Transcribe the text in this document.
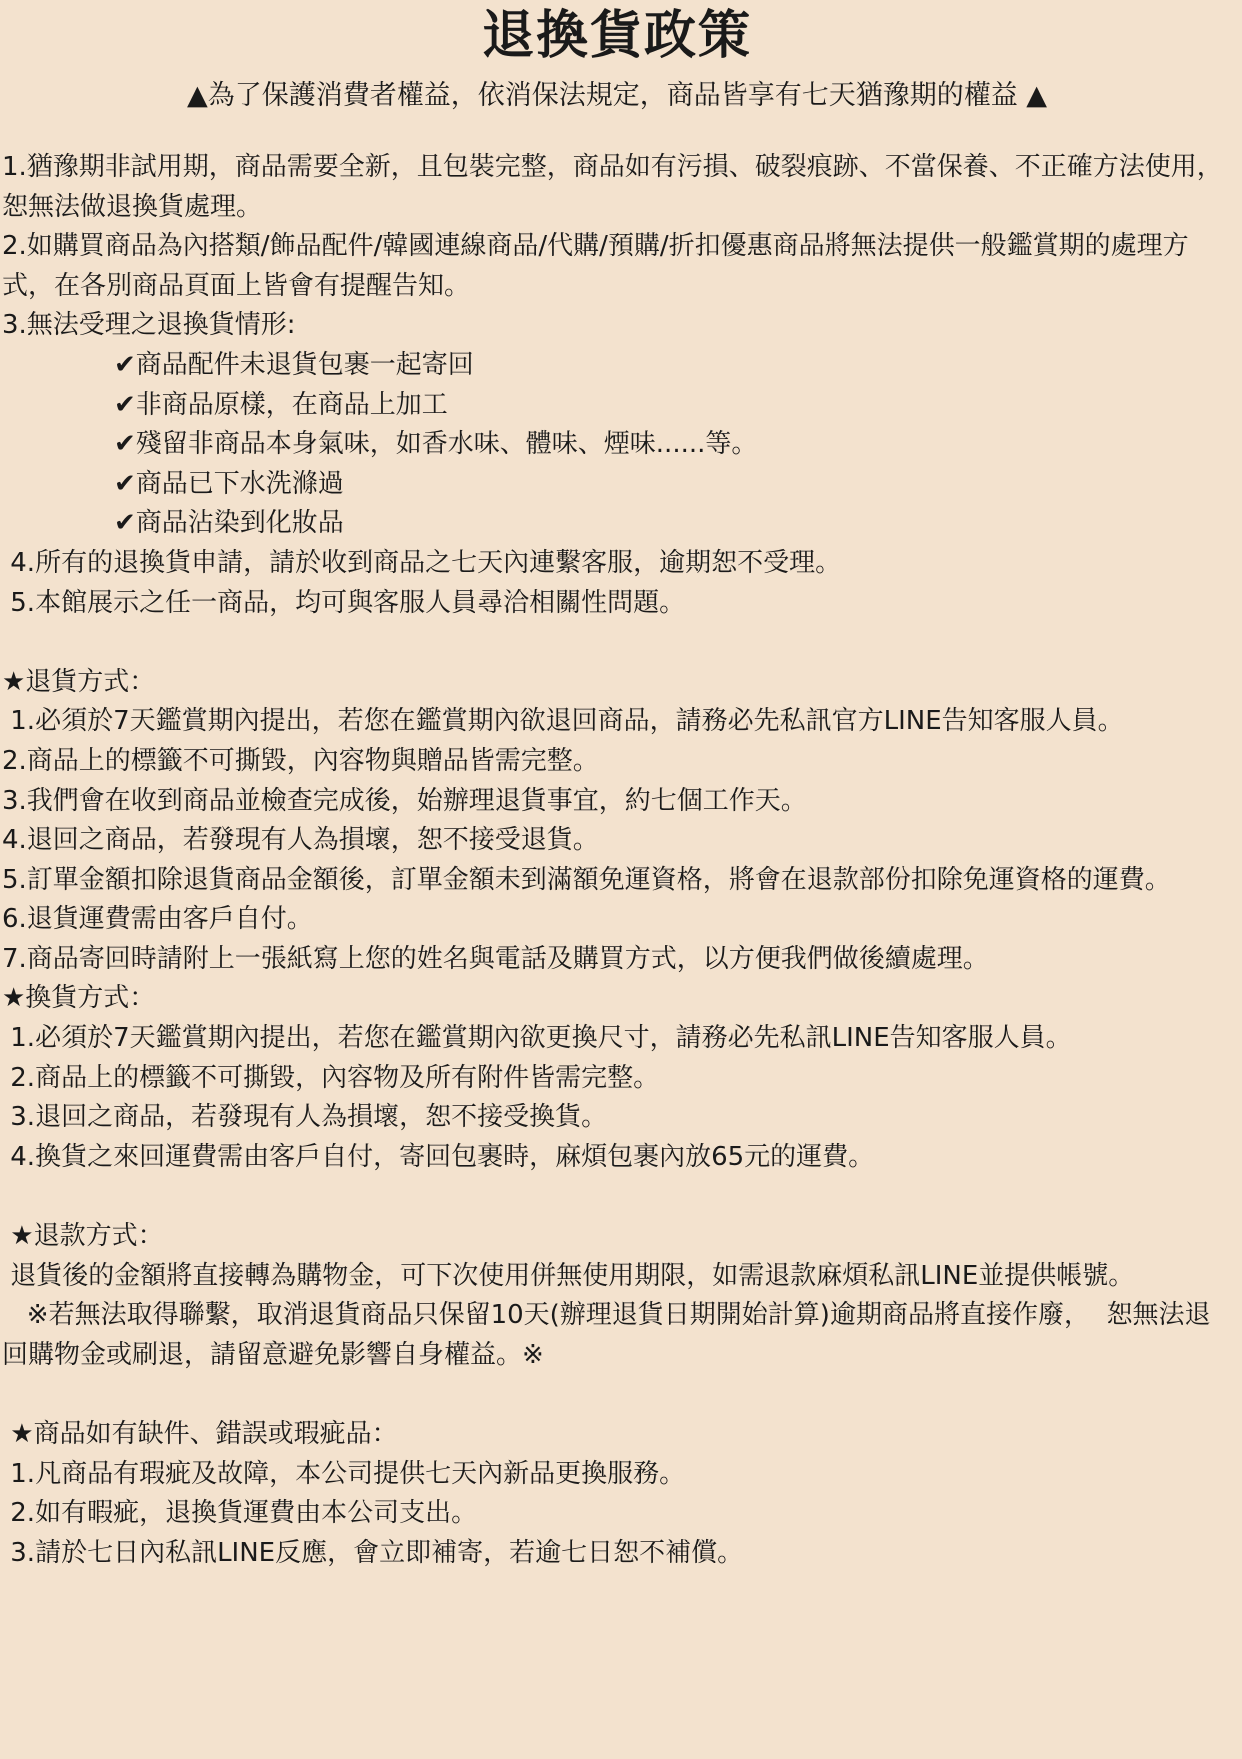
退換貨政策
▲為了保護消費者權益，依消保法規定，商品皆享有七天猶豫期的權益 ▲
1.猶豫期非試用期，商品需要全新，且包裝完整，商品如有污損、破裂痕跡、不當保養、不正確方法使用，恕無法做退換貨處理。
2.如購買商品為內搭類/飾品配件/韓國連線商品/代購/預購/折扣優惠商品將無法提供一般鑑賞期的處理方式，在各別商品頁面上皆會有提醒告知。
3.無法受理之退換貨情形:
✔商品配件未退貨包裹一起寄回
✔非商品原樣，在商品上加工
✔殘留非商品本身氣味，如香水味、體味、煙味......等。
✔商品已下水洗滌過
✔商品沾染到化妝品
4.所有的退換貨申請，請於收到商品之七天內連繫客服，逾期恕不受理。
5.本館展示之任一商品，均可與客服人員尋洽相關性問題。
★退貨方式：
1.必須於7天鑑賞期內提出，若您在鑑賞期內欲退回商品，請務必先私訊官方LINE告知客服人員。
2.商品上的標籤不可撕毀，內容物與贈品皆需完整。
3.我們會在收到商品並檢查完成後，始辦理退貨事宜，約七個工作天。
4.退回之商品，若發現有人為損壞，恕不接受退貨。
5.訂單金額扣除退貨商品金額後，訂單金額未到滿額免運資格，將會在退款部份扣除免運資格的運費。
6.退貨運費需由客戶自付。
7.商品寄回時請附上一張紙寫上您的姓名與電話及購買方式，以方便我們做後續處理。
★換貨方式：
1.必須於7天鑑賞期內提出，若您在鑑賞期內欲更換尺寸，請務必先私訊LINE告知客服人員。
2.商品上的標籤不可撕毀，內容物及所有附件皆需完整。
3.退回之商品，若發現有人為損壞，恕不接受換貨。
4.換貨之來回運費需由客戶自付，寄回包裹時，麻煩包裹內放65元的運費。
★退款方式：
退貨後的金額將直接轉為購物金，可下次使用併無使用期限，如需退款麻煩私訊LINE並提供帳號。
※若無法取得聯繫，取消退貨商品只保留10天(辦理退貨日期開始計算)逾期商品將直接作廢，  恕無法退回購物金或刷退，請留意避免影響自身權益。※
★商品如有缺件、錯誤或瑕疵品：
1.凡商品有瑕疵及故障，本公司提供七天內新品更換服務。
2.如有暇疵，退換貨運費由本公司支出。
3.請於七日內私訊LINE反應，會立即補寄，若逾七日恕不補償。
